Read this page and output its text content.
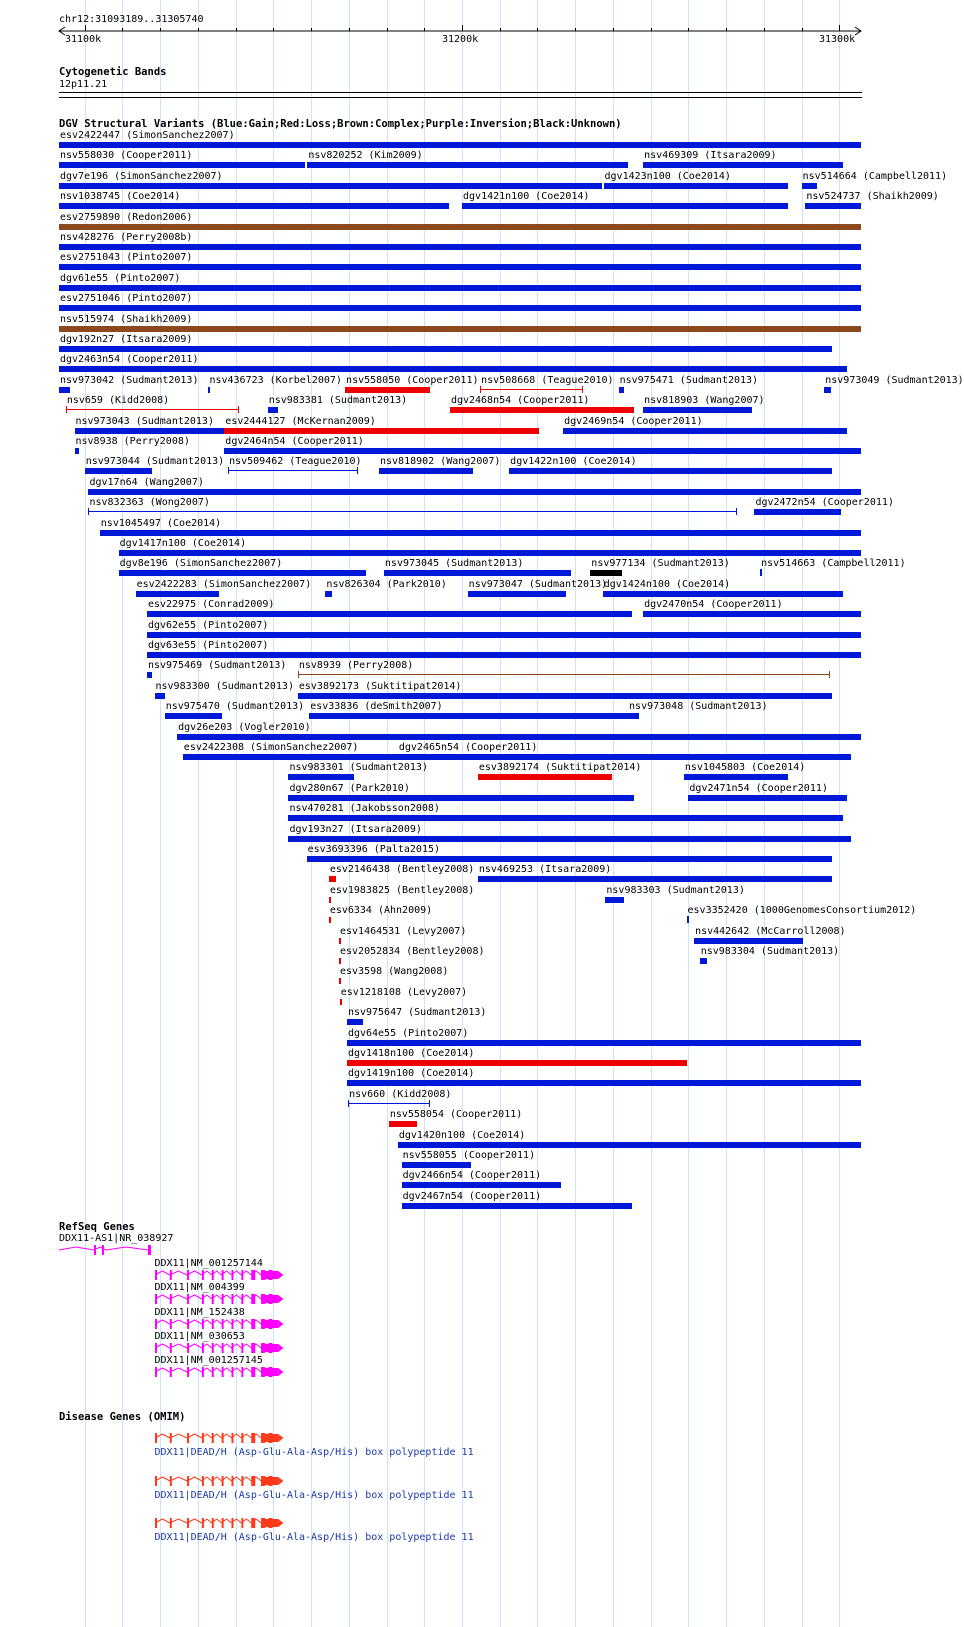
chr12:31093189..31305740
31100k	31200k	31300k
Cytogenetic Bands
12p11.21
DGV Structural Variants (Blue:Gain;Red:Loss;Brown:Complex;Purple:Inversion;Black:Unknown)
esv2422447 (SimonSanchez2007)
nsv558030 (Cooper2011)	nsv820252 (Kim2009)	nsv469309 (Itsara2009)
dgv7e196 (SimonSanchez2007)	dgv1423n100 (Coe2014)	nsv514664 (Campbell2011)
nsv1038745 (Coe2014)	dgv1421n100 (Coe2014)	nsv524737 (Shaikh2009)
esv2759890 (Redon2006)
nsv428276 (Perry2008b)
esv2751043 (Pinto2007)
dgv61e55 (Pinto2007)
esv2751046 (Pinto2007)
nsv515974 (Shaikh2009)
dgv192n27 (Itsara2009)
dgv2463n54 (Cooper2011)
nsv973042 (Sudmant2013) nsv436723 (Korbel2007) nsv558050 (Cooper2011) nsv508668 (Teague2010) nsv975471 (Sudmant2013)	nsv973049 (Sudmant2013)
nsv659 (Kidd2008)	nsv983381 (Sudmant2013)	dgv2468n54 (Cooper2011)	nsv818903 (Wang2007)
nsv973043 (Sudmant2013) esv2444127 (McKernan2009)	dgv2469n54 (Cooper2011)
nsv8938 (Perry2008)	dgv2464n54 (Cooper2011)
nsv973044 (Sudmant2013) nsv509462 (Teague2010) nsv818902 (Wang2007) dgv1422n100 (Coe2014)
dgv17n64 (Wang2007)
nsv832363 (Wong2007)	dgv2472n54 (Cooper2011)
nsv1045497 (Coe2014)
dgv1417n100 (Coe2014)
dgv8e196 (SimonSanchez2007)	nsv973045 (Sudmant2013)	nsv977134 (Sudmant2013)	nsv514663 (Campbell2011)
esv2422283 (SimonSanchez2007) nsv826304 (Park2010) nsv973047 (Sudmant2013)
dgv1424n100 (Coe2014)
esv22975 (Conrad2009)	dgv2470n54 (Cooper2011)
dgv62e55 (Pinto2007)
dgv63e55 (Pinto2007)
nsv975469 (Sudmant2013) nsv8939 (Perry2008)
nsv983300 (Sudmant2013) esv3892173 (Suktitipat2014)
nsv975470 (Sudmant2013) esv33836 (deSmith2007)	nsv973048 (Sudmant2013)
dgv26e203 (Vogler2010)
esv2422308 (SimonSanchez2007)	dgv2465n54 (Cooper2011)
nsv983301 (Sudmant2013)	esv3892174 (Suktitipat2014)	nsv1045803 (Coe2014)
dgv280n67 (Park2010)	dgv2471n54 (Cooper2011)
nsv470281 (Jakobsson2008)
dgv193n27 (Itsara2009)
esv3693396 (Palta2015)
esv2146438 (Bentley2008) nsv469253 (Itsara2009)
esv1983825 (Bentley2008)	nsv983303 (Sudmant2013)
esv6334 (Ahn2009)	esv3352420 (1000GenomesConsortium2012)
esv1464531 (Levy2007)	nsv442642 (McCarroll2008)
esv2052834 (Bentley2008)	nsv983304 (Sudmant2013)
esv3598 (Wang2008)
esv1218108 (Levy2007)
nsv975647 (Sudmant2013)
dgv64e55 (Pinto2007)
dgv1418n100 (Coe2014)
dgv1419n100 (Coe2014)
nsv660 (Kidd2008)
nsv558054 (Cooper2011)
dgv1420n100 (Coe2014)
nsv558055 (Cooper2011)
dgv2466n54 (Cooper2011)
dgv2467n54 (Cooper2011)
RefSeq Genes
DDX11-AS1|NR_038927
DDX11|NM_001257144
DDX11|NM_004399
DDX11|NM_152438
DDX11|NM_030653
DDX11|NM_001257145
Disease Genes (OMIM)
DDX11|DEAD/H (Asp-Glu-Ala-Asp/His) box polypeptide 11
DDX11|DEAD/H (Asp-Glu-Ala-Asp/His) box polypeptide 11
DDX11|DEAD/H (Asp-Glu-Ala-Asp/His) box polypeptide 11
